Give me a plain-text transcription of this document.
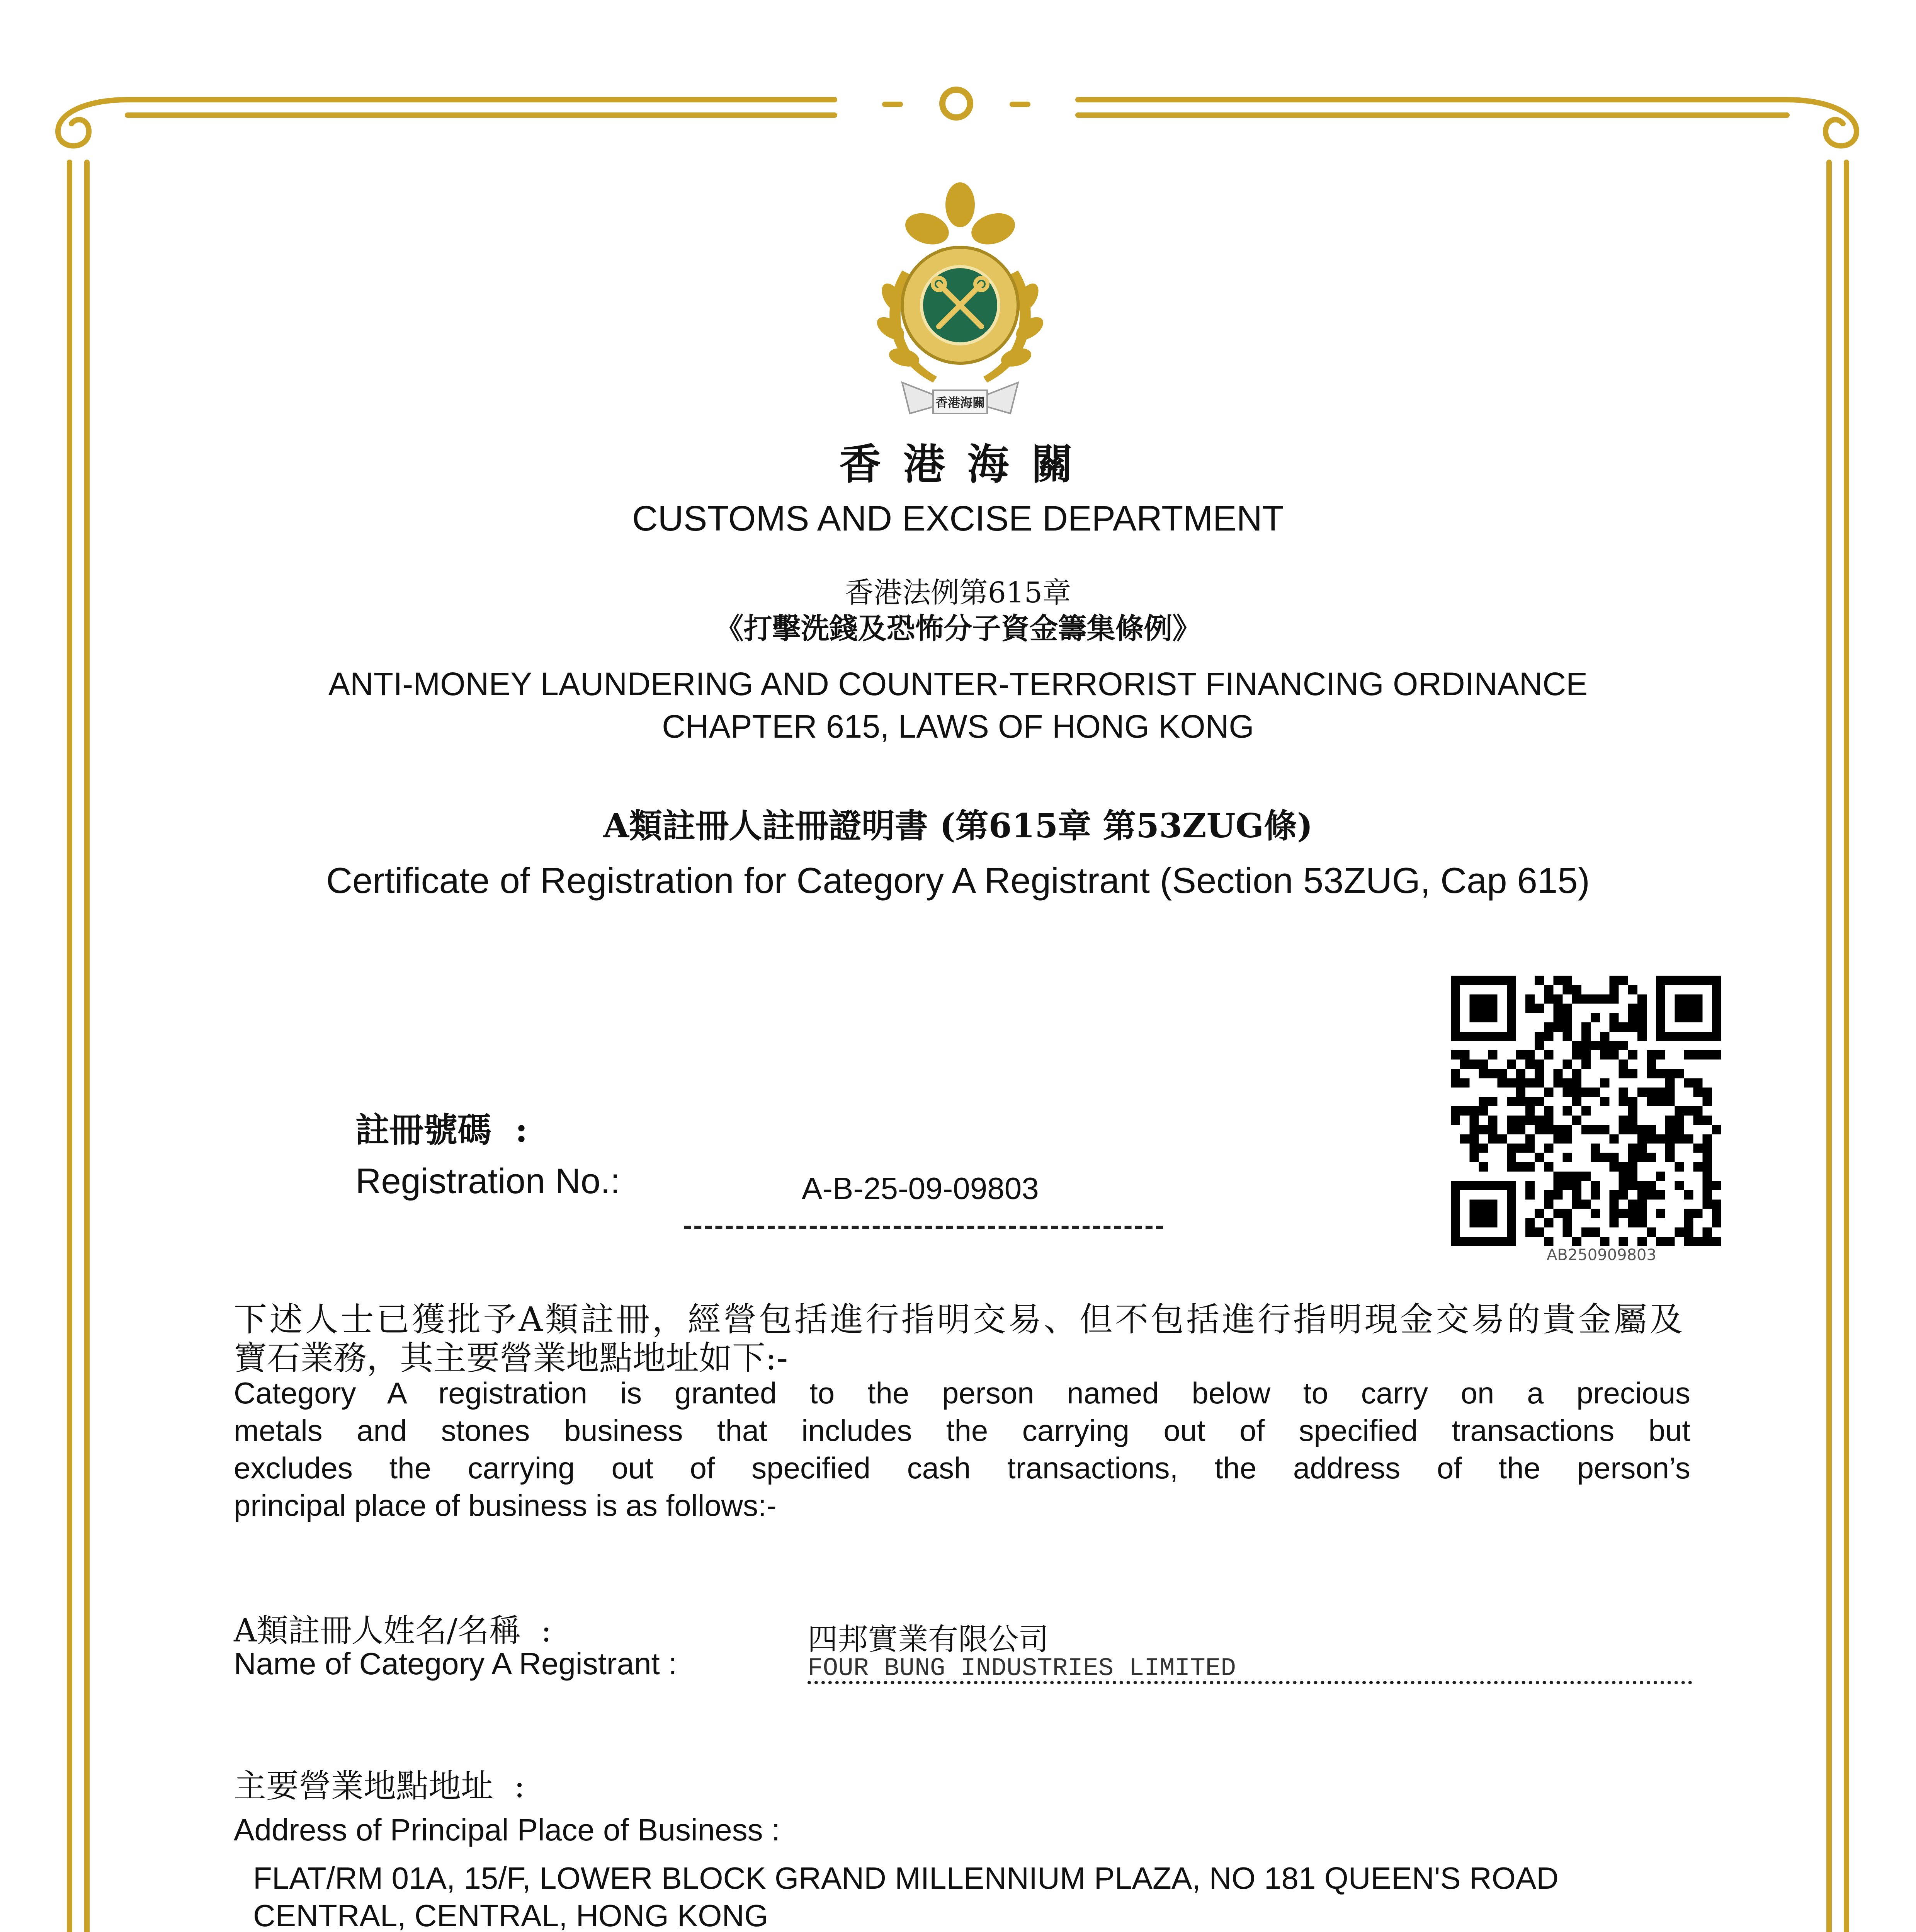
香港海關
香 港 海 關
CUSTOMS AND EXCISE DEPARTMENT
香港法例第615章
《打擊洗錢及恐怖分子資金籌集條例》
ANTI-MONEY LAUNDERING AND COUNTER-TERRORIST FINANCING ORDINANCE
CHAPTER 615, LAWS OF HONG KONG
A類註冊人註冊證明書 (第615章 第53ZUG條)
Certificate of Registration for Category A Registrant (Section 53ZUG, Cap 615)
AB250909803
註冊號碼  :
Registration No.:	A-B-25-09-09803
下述人士已獲批予A類註冊，經營包括進行指明交易、但不包括進行指明現金交易的貴金屬及
寶石業務，其主要營業地點地址如下:-
Category A registration is granted to the person named below to carry on a precious
metals and stones business that includes the carrying out of specified transactions but
excludes the carrying out of specified cash transactions, the address of the person’s
principal place of business is as follows:-
A類註冊人姓名/名稱  :
Name of Category A Registrant :
四邦實業有限公司
FOUR BUNG INDUSTRIES LIMITED
主要營業地點地址  :
Address of Principal Place of Business :
FLAT/RM 01A, 15/F, LOWER BLOCK GRAND MILLENNIUM PLAZA, NO 181 QUEEN'S ROAD
CENTRAL, CENTRAL, HONG KONG
